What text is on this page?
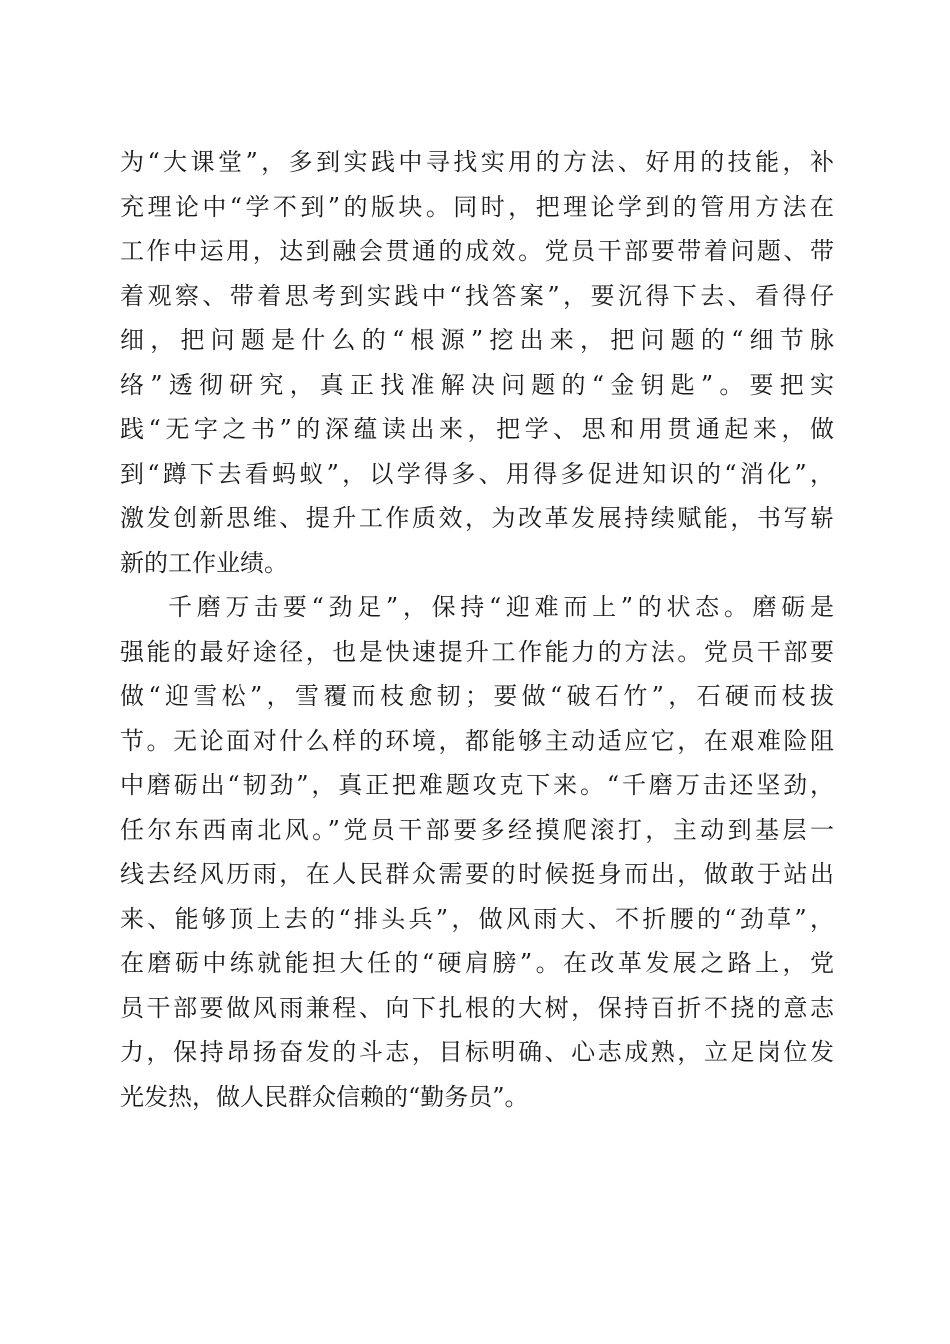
为“大课堂”，多到实践中寻找实用的方法、好用的技能，补
充理论中“学不到”的版块。同时，把理论学到的管用方法在
工作中运用，达到融会贯通的成效。党员干部要带着问题、带
着观察、带着思考到实践中“找答案”，要沉得下去、看得仔
细，把问题是什么的“根源”挖出来，把问题的“细节脉
络”透彻研究，真正找准解决问题的“金钥匙”。要把实
践“无字之书”的深蕴读出来，把学、思和用贯通起来，做
到“蹲下去看蚂蚁”，以学得多、用得多促进知识的“消化”，
激发创新思维、提升工作质效，为改革发展持续赋能，书写崭
新的工作业绩。
千磨万击要“劲足”，保持“迎难而上”的状态。磨砺是
强能的最好途径，也是快速提升工作能力的方法。党员干部要
做“迎雪松”，雪覆而枝愈韧；要做“破石竹”，石硬而枝拔
节。无论面对什么样的环境，都能够主动适应它，在艰难险阻
中磨砺出“韧劲”，真正把难题攻克下来。“千磨万击还坚劲，
任尔东西南北风。”党员干部要多经摸爬滚打，主动到基层一
线去经风历雨，在人民群众需要的时候挺身而出，做敢于站出
来、能够顶上去的“排头兵”，做风雨大、不折腰的“劲草”，
在磨砺中练就能担大任的“硬肩膀”。在改革发展之路上，党
员干部要做风雨兼程、向下扎根的大树，保持百折不挠的意志
力，保持昂扬奋发的斗志，目标明确、心志成熟，立足岗位发
光发热，做人民群众信赖的“勤务员”。
